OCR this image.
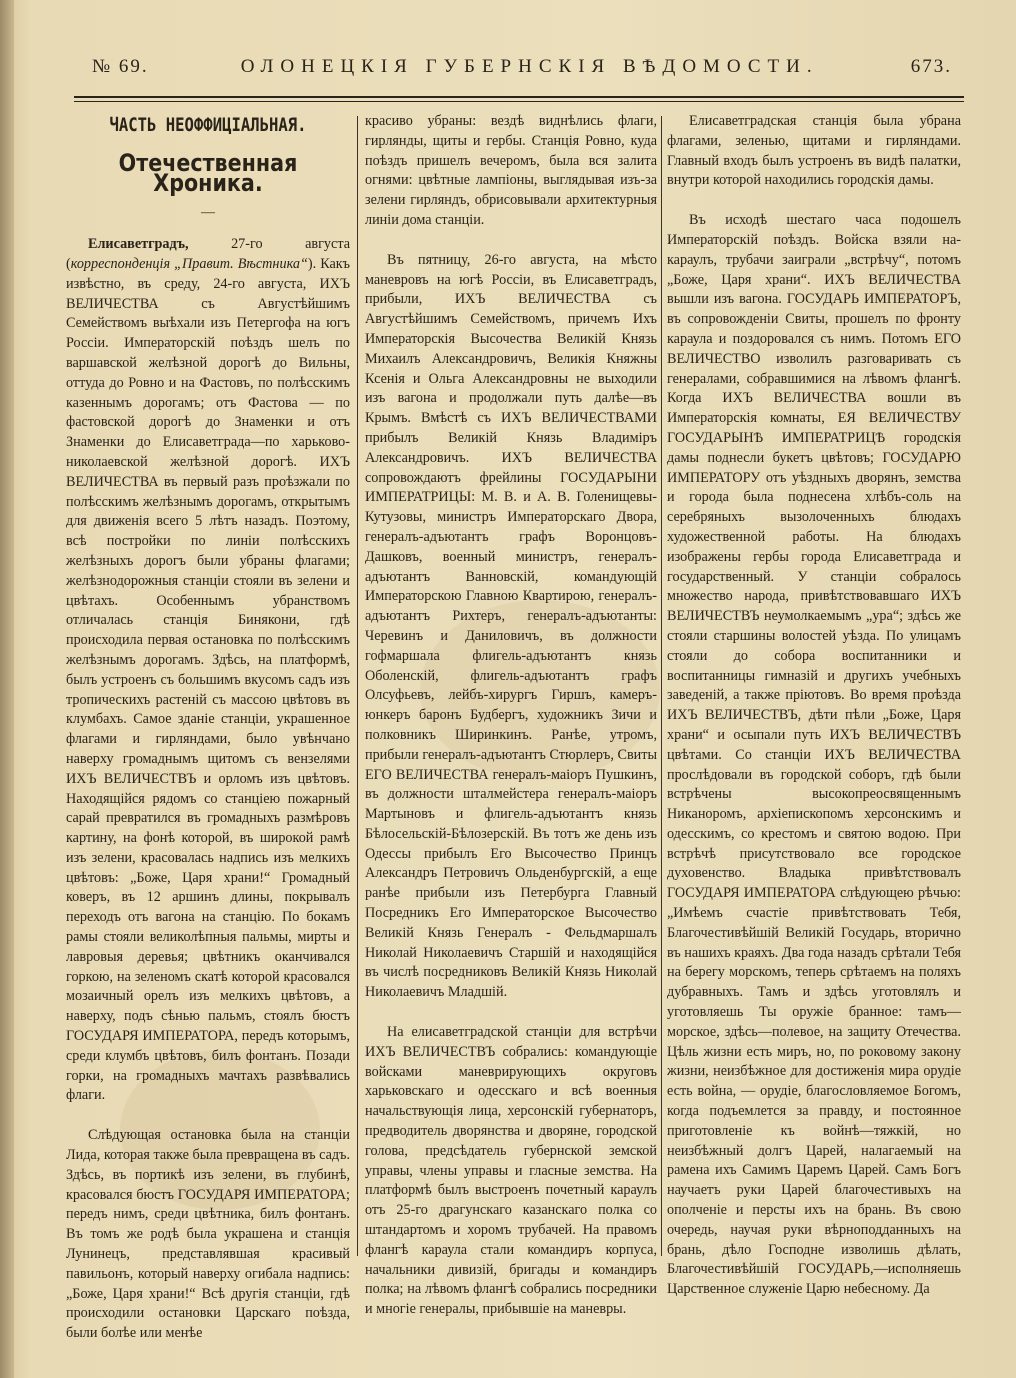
№ 69.	ОЛОНЕЦКІЯ ГУБЕРНСКІЯ ВѢДОМОСТИ.	673.
ЧАСТЬ НЕОФФИЦІАЛЬНАЯ.
Отечественная Хроника.
—

Елисаветградъ, 27-го августа (корреспонденція „Правит. Вѣстника“). Какъ извѣстно, въ среду, 24-го августа, ИХЪ ВЕЛИЧЕСТВА съ Августѣйшимъ Семействомъ выѣхали изъ Петергофа на югъ Россіи. Императорскій поѣздъ шелъ по варшавской желѣзной дорогѣ до Вильны, оттуда до Ровно и на Фастовъ, по полѣсскимъ казеннымъ дорогамъ; отъ Фастова — по фастовской дорогѣ до Знаменки и отъ Знаменки до Елисаветграда—по харьково-николаевской желѣзной дорогѣ. ИХЪ ВЕЛИЧЕСТВА въ первый разъ проѣзжали по полѣсскимъ желѣзнымъ дорогамъ, открытымъ для движенія всего 5 лѣтъ назадъ. Поэтому, всѣ постройки по линіи полѣсскихъ желѣзныхъ дорогъ были убраны флагами; желѣзнодорожныя станціи стояли въ зелени и цвѣтахъ. Особеннымъ убранствомъ отличалась станція Бинякони, гдѣ происходила первая остановка по полѣсскимъ желѣзнымъ дорогамъ. Здѣсь, на платформѣ, былъ устроенъ съ большимъ вкусомъ садъ изъ тропическихъ растеній съ массою цвѣтовъ въ клумбахъ. Самое зданіе станціи, украшенное флагами и гирляндами, было увѣнчано наверху громаднымъ щитомъ съ вензелями ИХЪ ВЕЛИЧЕСТВЪ и орломъ изъ цвѣтовъ. Находящійся рядомъ со станціею пожарный сарай превратился въ громадныхъ размѣровъ картину, на фонѣ которой, въ широкой рамѣ изъ зелени, красовалась надпись изъ мелкихъ цвѣтовъ: „Боже, Царя храни!“ Громадный коверъ, въ 12 аршинъ длины, покрывалъ переходъ отъ вагона на станцію. По бокамъ рамы стояли великолѣпныя пальмы, мирты и лавровыя деревья; цвѣтникъ оканчивался горкою, на зеленомъ скатѣ которой красовался мозаичный орелъ изъ мелкихъ цвѣтовъ, а наверху, подъ сѣнью пальмъ, стоялъ бюстъ ГОСУДАРЯ ИМПЕРАТОРА, передъ которымъ, среди клумбъ цвѣтовъ, билъ фонтанъ. Позади горки, на громадныхъ мачтахъ развѣвались флаги.

Слѣдующая остановка была на станціи Лида, которая также была превращена въ садъ. Здѣсь, въ портикѣ изъ зелени, въ глубинѣ, красовался бюстъ ГОСУДАРЯ ИМПЕРАТОРА; передъ нимъ, среди цвѣтника, билъ фонтанъ. Въ томъ же родѣ была украшена и станція Лунинецъ, представлявшая красивый павильонъ, который наверху огибала надпись: „Боже, Царя храни!“ Всѣ другія станціи, гдѣ происходили остановки Царскаго поѣзда, были болѣе или менѣе

красиво убраны: вездѣ виднѣлись флаги, гирлянды, щиты и гербы. Станція Ровно, куда поѣздъ пришелъ вечеромъ, была вся залита огнями: цвѣтные лампіоны, выглядывая изъ-за зелени гирляндъ, обрисовывали архитектурныя линіи дома станціи.

Въ пятницу, 26-го августа, на мѣсто маневровъ на югѣ Россіи, въ Елисаветградъ, прибыли, ИХЪ ВЕЛИЧЕСТВА съ Августѣйшимъ Семействомъ, причемъ Ихъ Императорскія Высочества Великій Князь Михаилъ Александровичъ, Великія Княжны Ксенія и Ольга Александровны не выходили изъ вагона и продолжали путь далѣе—въ Крымъ. Вмѣстѣ съ ИХЪ ВЕЛИЧЕСТВАМИ прибылъ Великій Князь Владиміръ Александровичъ. ИХЪ ВЕЛИЧЕСТВА сопровождаютъ фрейлины ГОСУДАРЫНИ ИМПЕРАТРИЦЫ: М. В. и А. В. Голенищевы-Кутузовы, министръ Императорскаго Двора, генералъ-адъютантъ графъ Воронцовъ-Дашковъ, военный министръ, генералъ-адъютантъ Ванновскій, командующій Императорскою Главною Квартирою, генералъ-адъютантъ Рихтеръ, генералъ-адъютанты: Черевинъ и Даниловичъ, въ должности гофмаршала флигель-адъютантъ князь Оболенскій, флигель-адъютантъ графъ Олсуфьевъ, лейбъ-хирургъ Гиршъ, камеръ-юнкеръ баронъ Будбергъ, художникъ Зичи и полковникъ Ширинкинъ. Ранѣе, утромъ, прибыли генералъ-адъютантъ Стюрлеръ, Свиты ЕГО ВЕЛИЧЕСТВА генералъ-маіоръ Пушкинъ, въ должности шталмейстера генералъ-маіоръ Мартыновъ и флигель-адъютантъ князь Бѣлосельскій-Бѣлозерскій. Въ тотъ же день изъ Одессы прибылъ Его Высочество Принцъ Александръ Петровичъ Ольденбургскій, а еще ранѣе прибыли изъ Петербурга Главный Посредникъ Его Императорское Высочество Великій Князь Генералъ - Фельдмаршалъ Николай Николаевичъ Старшій и находящійся въ числѣ посредниковъ Великій Князь Николай Николаевичъ Младшій.

На елисаветградской станціи для встрѣчи ИХЪ ВЕЛИЧЕСТВЪ собрались: командующіе войсками маневрирующихъ округовъ харьковскаго и одесскаго и всѣ военныя начальствующія лица, херсонскій губернаторъ, предводитель дворянства и дворяне, городской голова, предсѣдатель губернской земской управы, члены управы и гласные земства. На платформѣ былъ выстроенъ почетный караулъ отъ 25-го драгунскаго казанскаго полка со штандартомъ и хоромъ трубачей. На правомъ флангѣ караула стали командиръ корпуса, начальники дивизій, бригады и командиръ полка; на лѣвомъ флангѣ собрались посредники и многіе генералы, прибывшіе на маневры.

Елисаветградская станція была убрана флагами, зеленью, щитами и гирляндами. Главный входъ былъ устроенъ въ видѣ палатки, внутри которой находились городскія дамы.

Въ исходѣ шестаго часа подошелъ Императорскій поѣздъ. Войска взяли на-караулъ, трубачи заиграли „встрѣчу“, потомъ „Боже, Царя храни“. ИХЪ ВЕЛИЧЕСТВА вышли изъ вагона. ГОСУДАРЬ ИМПЕРАТОРЪ, въ сопровожденіи Свиты, прошелъ по фронту караула и поздоровался съ нимъ. Потомъ ЕГО ВЕЛИЧЕСТВО изволилъ разговаривать съ генералами, собравшимися на лѣвомъ флангѣ. Когда ИХЪ ВЕЛИЧЕСТВА вошли въ Императорскія комнаты, ЕЯ ВЕЛИЧЕСТВУ ГОСУДАРЫНѢ ИМПЕРАТРИЦѢ городскія дамы поднесли букетъ цвѣтовъ; ГОСУДАРЮ ИМПЕРАТОРУ отъ уѣздныхъ дворянъ, земства и города была поднесена хлѣбъ-соль на серебряныхъ вызолоченныхъ блюдахъ художественной работы. На блюдахъ изображены гербы города Елисаветграда и государственный. У станціи собралось множество народа, привѣтствовавшаго ИХЪ ВЕЛИЧЕСТВЪ неумолкаемымъ „ура“; здѣсь же стояли старшины волостей уѣзда. По улицамъ стояли до собора воспитанники и воспитанницы гимназій и другихъ учебныхъ заведеній, а также пріютовъ. Во время проѣзда ИХЪ ВЕЛИЧЕСТВЪ, дѣти пѣли „Боже, Царя храни“ и осыпали путь ИХЪ ВЕЛИЧЕСТВЪ цвѣтами. Со станціи ИХЪ ВЕЛИЧЕСТВА прослѣдовали въ городской соборъ, гдѣ были встрѣчены высокопреосвященнымъ Никаноромъ, архіепископомъ херсонскимъ и одесскимъ, со крестомъ и святою водою. При встрѣчѣ присутствовало все городское духовенство. Владыка привѣтствовалъ ГОСУДАРЯ ИМПЕРАТОРА слѣдующею рѣчью: „Имѣемъ счастіе привѣтствовать Тебя, Благочестивѣйшій Великій Государь, вторично въ нашихъ краяхъ. Два года назадъ срѣтали Тебя на берегу морскомъ, теперь срѣтаемъ на поляхъ дубравныхъ. Тамъ и здѣсь уготовлялъ и уготовляешь Ты оружіе бранное: тамъ—морское, здѣсь—полевое, на защиту Отечества. Цѣль жизни есть миръ, но, по роковому закону жизни, неизбѣжное для достиженія мира орудіе есть война, — орудіе, благословляемое Богомъ, когда подъемлется за правду, и постоянное приготовленіе къ войнѣ—тяжкій, но неизбѣжный долгъ Царей, налагаемый на рамена ихъ Самимъ Царемъ Царей. Самъ Богъ научаетъ руки Царей благочестивыхъ на ополченіе и персты ихъ на брань. Въ свою очередь, научая руки вѣрноподданныхъ на брань, дѣло Господне изволишь дѣлать, Благочестивѣйшій ГОСУДАРЬ,—исполняешь Царственное служеніе Царю небесному. Да
